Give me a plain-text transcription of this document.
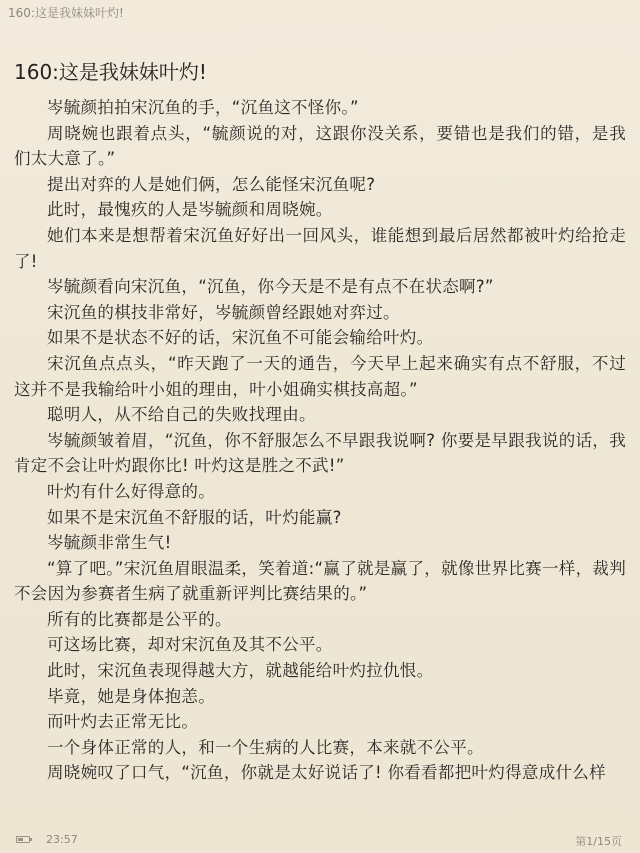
160:这是我妹妹叶灼!
160:这是我妹妹叶灼!

岑毓颜拍拍宋沉鱼的手，“沉鱼这不怪你。”

周晓婉也跟着点头，“毓颜说的对，这跟你没关系，要错也是我们的错，是我们太大意了。”

提出对弈的人是她们俩，怎么能怪宋沉鱼呢?

此时，最愧疚的人是岑毓颜和周晓婉。

她们本来是想帮着宋沉鱼好好出一回风头，谁能想到最后居然都被叶灼给抢走了!

岑毓颜看向宋沉鱼，“沉鱼，你今天是不是有点不在状态啊?”

宋沉鱼的棋技非常好，岑毓颜曾经跟她对弈过。

如果不是状态不好的话，宋沉鱼不可能会输给叶灼。

宋沉鱼点点头，“昨天跑了一天的通告，今天早上起来确实有点不舒服，不过这并不是我输给叶小姐的理由，叶小姐确实棋技高超。”

聪明人，从不给自己的失败找理由。

岑毓颜皱着眉，“沉鱼，你不舒服怎么不早跟我说啊? 你要是早跟我说的话，我肯定不会让叶灼跟你比! 叶灼这是胜之不武!”

叶灼有什么好得意的。

如果不是宋沉鱼不舒服的话，叶灼能赢?

岑毓颜非常生气!

“算了吧。”宋沉鱼眉眼温柔，笑着道:“赢了就是赢了，就像世界比赛一样，裁判不会因为参赛者生病了就重新评判比赛结果的。”

所有的比赛都是公平的。

可这场比赛，却对宋沉鱼及其不公平。

此时，宋沉鱼表现得越大方，就越能给叶灼拉仇恨。

毕竟，她是身体抱恙。

而叶灼去正常无比。

一个身体正常的人，和一个生病的人比赛，本来就不公平。

周晓婉叹了口气，“沉鱼，你就是太好说话了! 你看看都把叶灼得意成什么样

23:57	第1/15页
